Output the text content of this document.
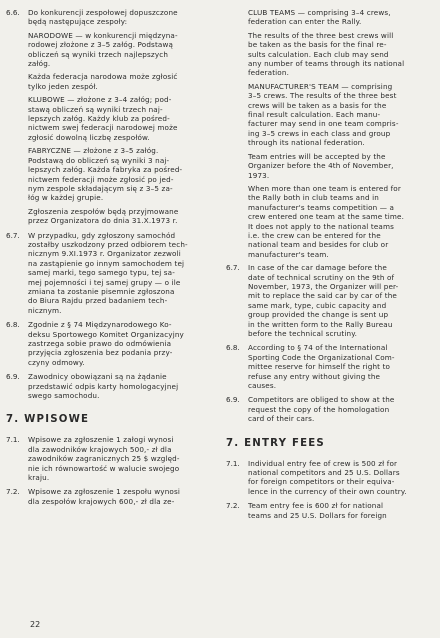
6.6. Do konkurencji zespołowej dopuszczone
będą następujące zespoły:

NARODOWE — w konkurencji międzyna-
rodowej złożone z 3–5 załóg. Podstawą
obliczeń są wyniki trzech najlepszych
załóg.

Każda federacja narodowa może zgłosić
tylko jeden zespół.

KLUBOWE — złożone z 3–4 załóg; pod-
stawą obliczeń są wyniki trzech naj-
lepszych załóg. Każdy klub za pośred-
nictwem swej federacji narodowej może
zgłosić dowolną liczbę zespołów.

FABRYCZNE — złożone z 3–5 załóg.
Podstawą do obliczeń są wyniki 3 naj-
lepszych załóg. Każda fabryka za pośred-
nictwem federacji może zgłosić po jed-
nym zespole składającym się z 3–5 za-
łóg w każdej grupie.

Zgłoszenia zespołów będą przyjmowane
przez Organizatora do dnia 31.X.1973 r.

6.7. W przypadku, gdy zgłoszony samochód
zostałby uszkodzony przed odbiorem tech-
nicznym 9.XI.1973 r. Organizator zezwoli
na zastąpienie go innym samochodem tej
samej marki, tego samego typu, tej sa-
mej pojemności i tej samej grupy — o ile
zmiana ta zostanie pisemnie zgłoszona
do Biura Rajdu przed badaniem tech-
nicznym.

6.8. Zgodnie z § 74 Międzynarodowego Ko-
deksu Sportowego Komitet Organizacyjny
zastrzega sobie prawo do odmówienia
przyjęcia zgłoszenia bez podania przy-
czyny odmowy.

6.9. Zawodnicy obowiązani są na żądanie
przedstawić odpis karty homologacyjnej
swego samochodu.

7. WPISOWE
7.1. Wpisowe za zgłoszenie 1 załogi wynosi
dla zawodników krajowych 500,- zł dla
zawodników zagranicznych 25 $ względ-
nie ich równowartość w walucie swojego
kraju.

7.2. Wpisowe za zgłoszenie 1 zespołu wynosi
dla zespołów krajowych 600,- zł dla ze-

CLUB TEAMS — comprising 3–4 crews,
federation can enter the Rally.

The results of the three best crews will
be taken as the basis for the final re-
sults calculation. Each club may send
any number of teams through its national
federation.

MANUFACTURER'S TEAM — comprising
3–5 crews. The results of the three best
crews will be taken as a basis for the
final result calculation. Each manu-
facturer may send in one team compris-
ing 3–5 crews in each class and group
through its national federation.

Team entries will be accepted by the
Organizer before the 4th of November,
1973.

When more than one team is entered for
the Rally both in club teams and in
manufacturer's teams competition — a
crew entered one team at the same time.
It does not apply to the national teams
i.e. the crew can be entered for the
national team and besides for club or
manufacturer's team.

6.7. In case of the car damage before the
date of technical scrutiny on the 9th of
November, 1973, the Organizer will per-
mit to replace the said car by car of the
same mark, type, cubic capacity and
group provided the change is sent up
in the written form to the Rally Bureau
before the technical scrutiny.

6.8. According to § 74 of the International
Sporting Code the Organizational Com-
mittee reserve for himself the right to
refuse any entry without giving the
causes.

6.9. Competitors are obliged to show at the
request the copy of the homologation
card of their cars.

7. ENTRY FEES
7.1. Individual entry fee of crew is 500 zł for
national competitors and 25 U.S. Dollars
for foreign competitors or their equiva-
lence in the currency of their own country.

7.2. Team entry fee is 600 zł for national
teams and 25 U.S. Dollars for foreign

22
